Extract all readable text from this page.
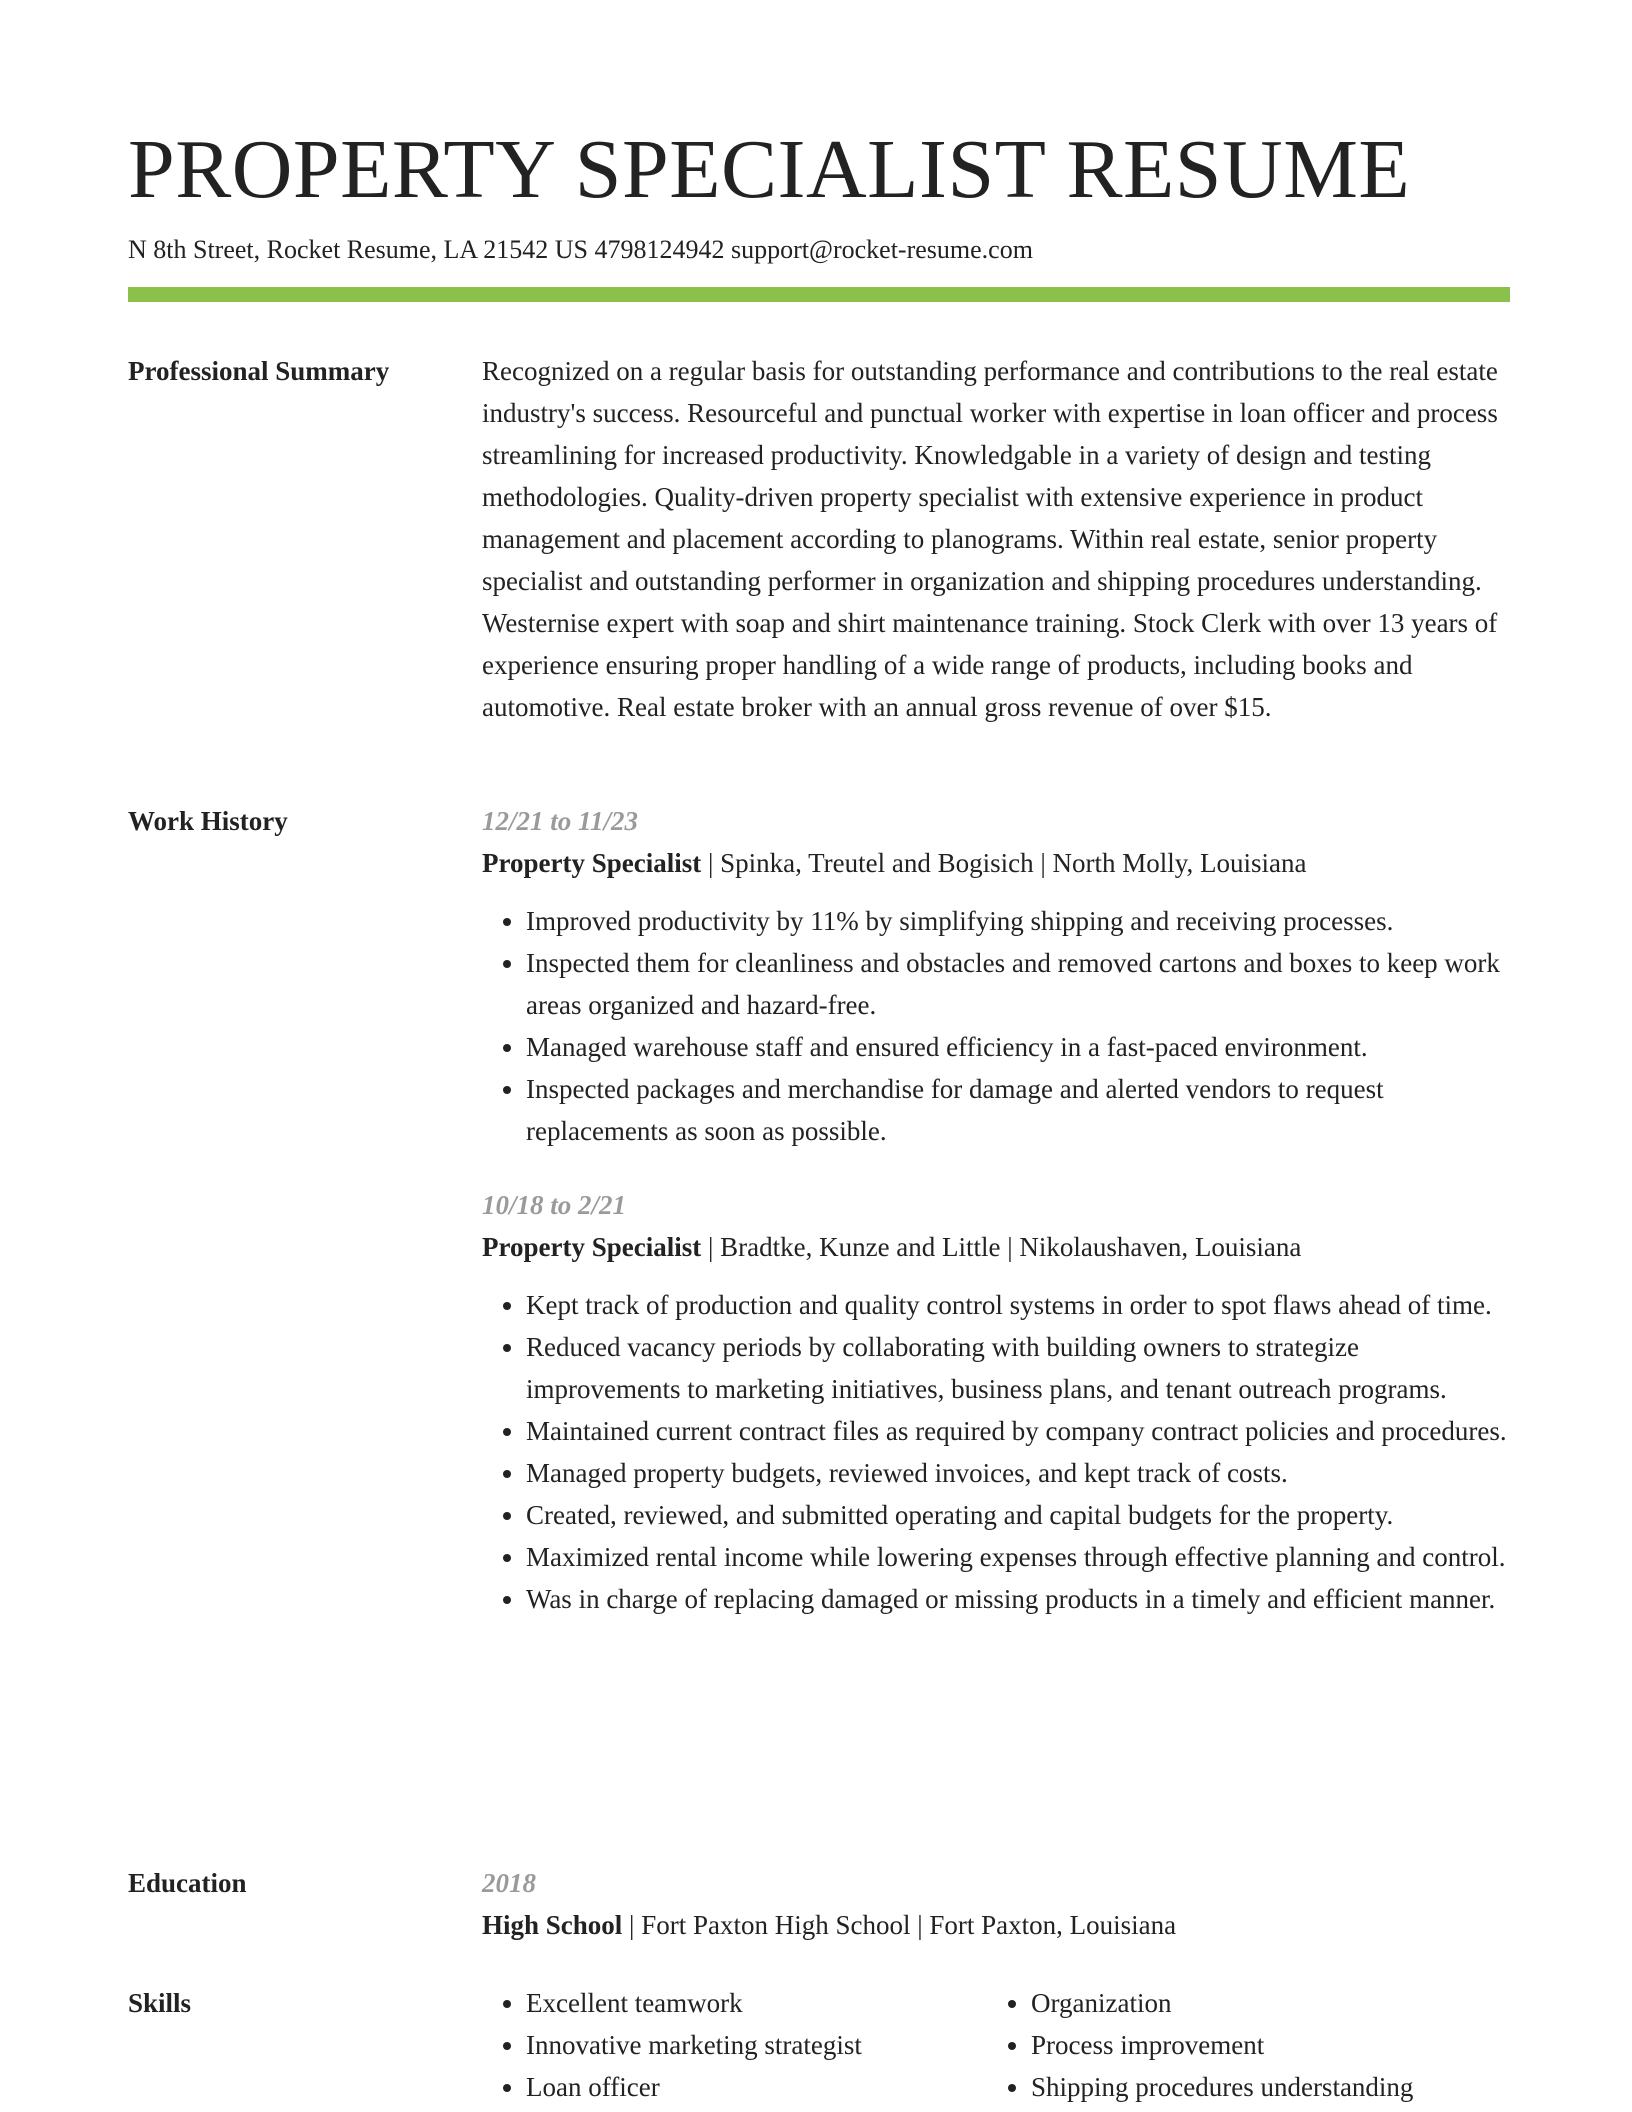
PROPERTY SPECIALIST RESUME
N 8th Street, Rocket Resume, LA 21542 US 4798124942 support@rocket-resume.com
Professional Summary	Recognized on a regular basis for outstanding performance and contributions to the real estate industry's success. Resourceful and punctual worker with expertise in loan officer and process streamlining for increased productivity. Knowledgable in a variety of design and testing methodologies. Quality-driven property specialist with extensive experience in product management and placement according to planograms. Within real estate, senior property specialist and outstanding performer in organization and shipping procedures understanding. Westernise expert with soap and shirt maintenance training. Stock Clerk with over 13 years of experience ensuring proper handling of a wide range of products, including books and automotive. Real estate broker with an annual gross revenue of over $15.

Work History	12/21 to 11/23
Property Specialist | Spinka, Treutel and Bogisich | North Molly, Louisiana
• Improved productivity by 11% by simplifying shipping and receiving processes.
• Inspected them for cleanliness and obstacles and removed cartons and boxes to keep work areas organized and hazard-free.
• Managed warehouse staff and ensured efficiency in a fast-paced environment.
• Inspected packages and merchandise for damage and alerted vendors to request replacements as soon as possible.
10/18 to 2/21
Property Specialist | Bradtke, Kunze and Little | Nikolaushaven, Louisiana
• Kept track of production and quality control systems in order to spot flaws ahead of time.
• Reduced vacancy periods by collaborating with building owners to strategize improvements to marketing initiatives, business plans, and tenant outreach programs.
• Maintained current contract files as required by company contract policies and procedures.
• Managed property budgets, reviewed invoices, and kept track of costs.
• Created, reviewed, and submitted operating and capital budgets for the property.
• Maximized rental income while lowering expenses through effective planning and control.
• Was in charge of replacing damaged or missing products in a timely and efficient manner.
Education	2018
High School | Fort Paxton High School | Fort Paxton, Louisiana
Skills
•	Excellent teamwork
• Innovative marketing strategist
• Loan officer
• Organization
• Process improvement
• Shipping procedures understanding
